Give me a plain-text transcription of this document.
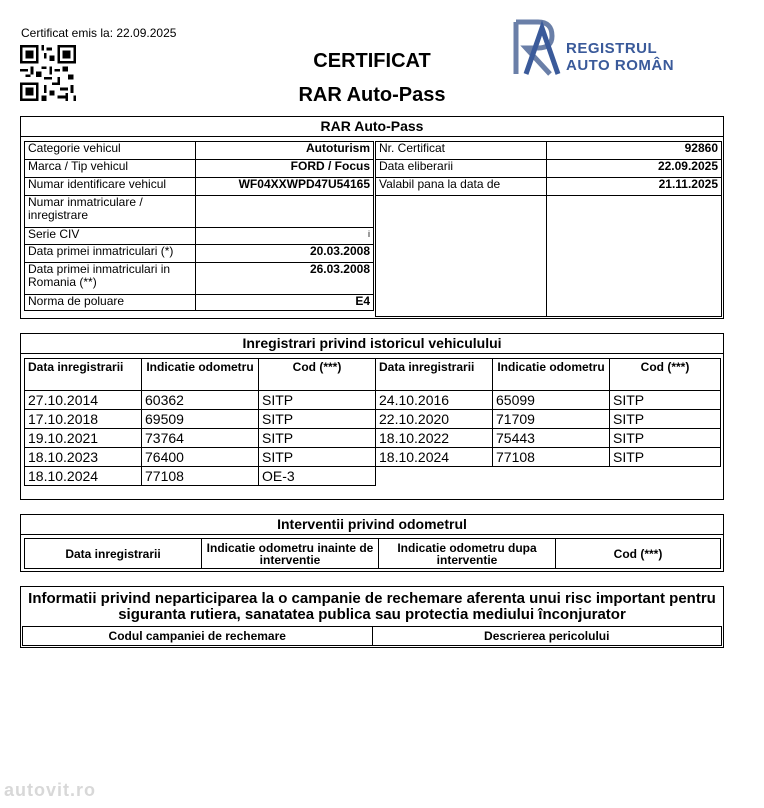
Certificat emis la: 22.09.2025
CERTIFICAT
RAR Auto-Pass
REGISTRUL
AUTO ROMÂN
RAR Auto-Pass
Categorie vehicul	Autoturism
Marca / Tip vehicul	FORD / Focus
Numar identificare vehicul	WF04XXWPD47U54165
Numar inmatriculare / inregistrare	
Serie CIV	i
Data primei inmatriculari (*)	20.03.2008
Data primei inmatriculari in Romania (**)	26.03.2008
Norma de poluare	E4
Nr. Certificat	92860
Data eliberarii	22.09.2025
Valabil pana la data de	21.11.2025

Inregistrari privind istoricul vehiculului
Data inregistrarii	Indicatie odometru	Cod (***)	Data inregistrarii	Indicatie odometru	Cod (***)
27.10.2014	60362	SITP	24.10.2016	65099	SITP
17.10.2018	69509	SITP	22.10.2020	71709	SITP
19.10.2021	73764	SITP	18.10.2022	75443	SITP
18.10.2023	76400	SITP	18.10.2024	77108	SITP
18.10.2024	77108	OE-3			
Interventii privind odometrul
Data inregistrarii	Indicatie odometru inainte de interventie	Indicatie odometru dupa interventie	Cod (***)
Informatii privind neparticiparea la o campanie de rechemare aferenta unui risc important pentru siguranta rutiera, sanatatea publica sau protectia mediului înconjurator
Codul campaniei de rechemare	Descrierea pericolului
autovit.ro
